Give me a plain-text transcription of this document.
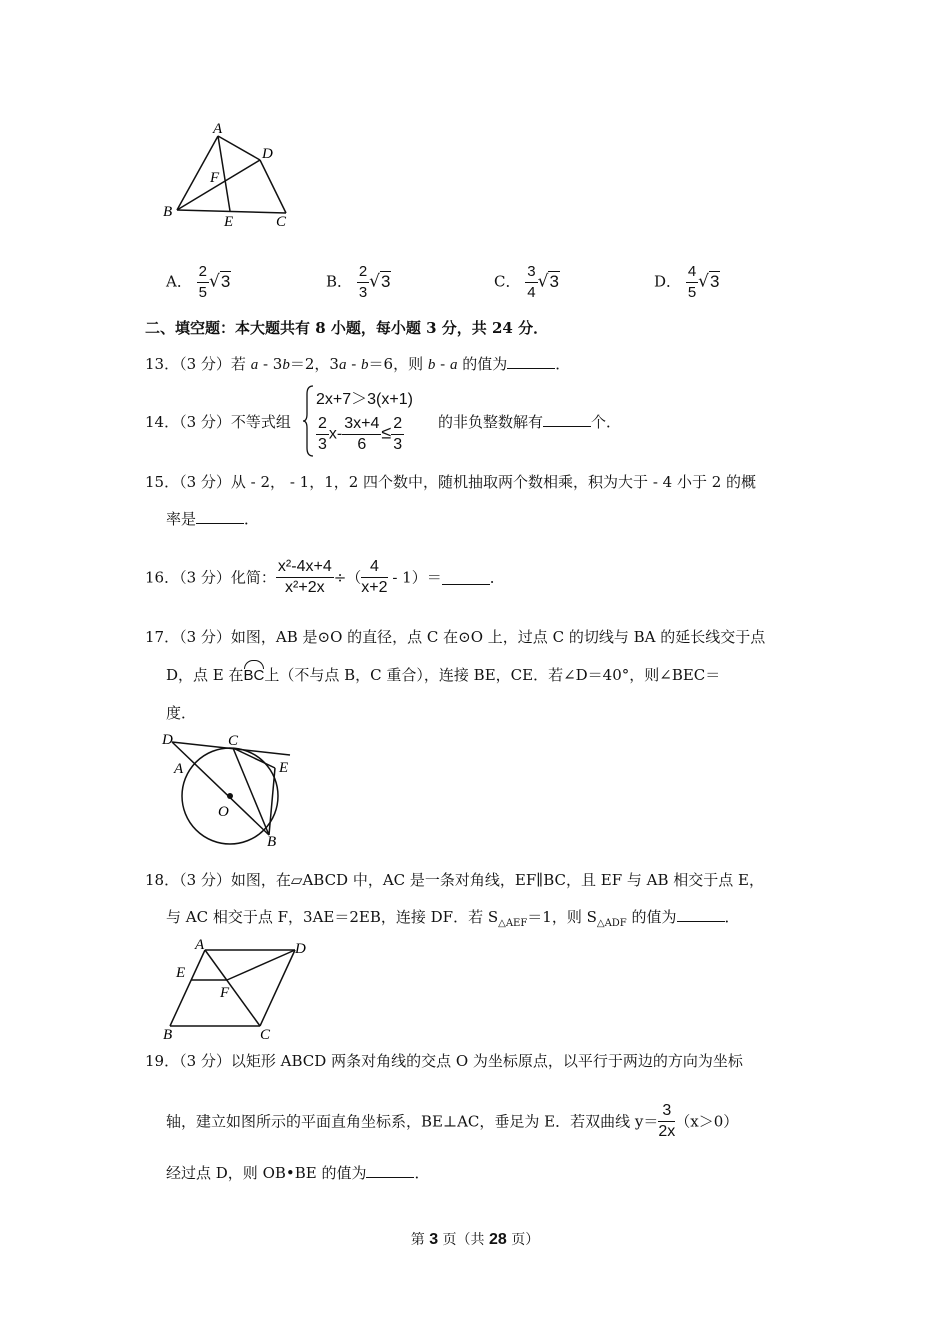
A
D
F
B
E	C
A． $\frac{2}{5} √3$	B． $\frac{2}{3} √3$	C． $\frac{3}{4} √3$	D． $\frac{4}{5} √3$
二、填空题：本大题共有 8 小题，每小题 3 分，共 24 分．
13．（3 分）若 a - 3b＝2，3a - b＝6，则 b - a 的值为	．
14．（3 分）不等式组
2x+7＞3(x+1)
$\frac{2}{3} x- \frac{3x+4}{6} \le \frac{2}{3}$ 的非负整数解有	个．
15．（3 分）从 - 2， - 1，1，2 四个数中，随机抽取两个数相乘，积为大于 - 4 小于 2 的概
率是	．
16．（3 分）化简： $\frac{\text{x²-4x+4}}{\text{x²+2x}}$ ÷（ $\frac{4}{x+2} - 1)=$	．
17．（3 分）如图，AB 是⊙O 的直径，点 C 在⊙O 上，过点 C 的切线与 BA 的延长线交于点
D，点 E 在
BC上（不与点 B，C 重合），连接 BE，CE．若∠D＝40°，则∠BEC＝
度．
D	C
A	E
O
B
18．（3 分）如图，在▱ABCD 中，AC 是一条对角线，EF∥BC，且 EF 与 AB 相交于点 E，
与 AC 相交于点 F，3AE＝2EB，连接 DF．若 $S_{\triangle AEF}=1$，则 $S_{\triangle ADF}$ 的值为	．
A	D
E
F
B	C
19．（3 分）以矩形 ABCD 两条对角线的交点 O 为坐标原点，以平行于两边的方向为坐标
轴，建立如图所示的平面直角坐标系，BE⊥AC，垂足为 E．若双曲线 $y= \frac{3}{2x} (x>0)$
经过点 D，则 OB•BE 的值为	．
第 3 页（共 28 页）
